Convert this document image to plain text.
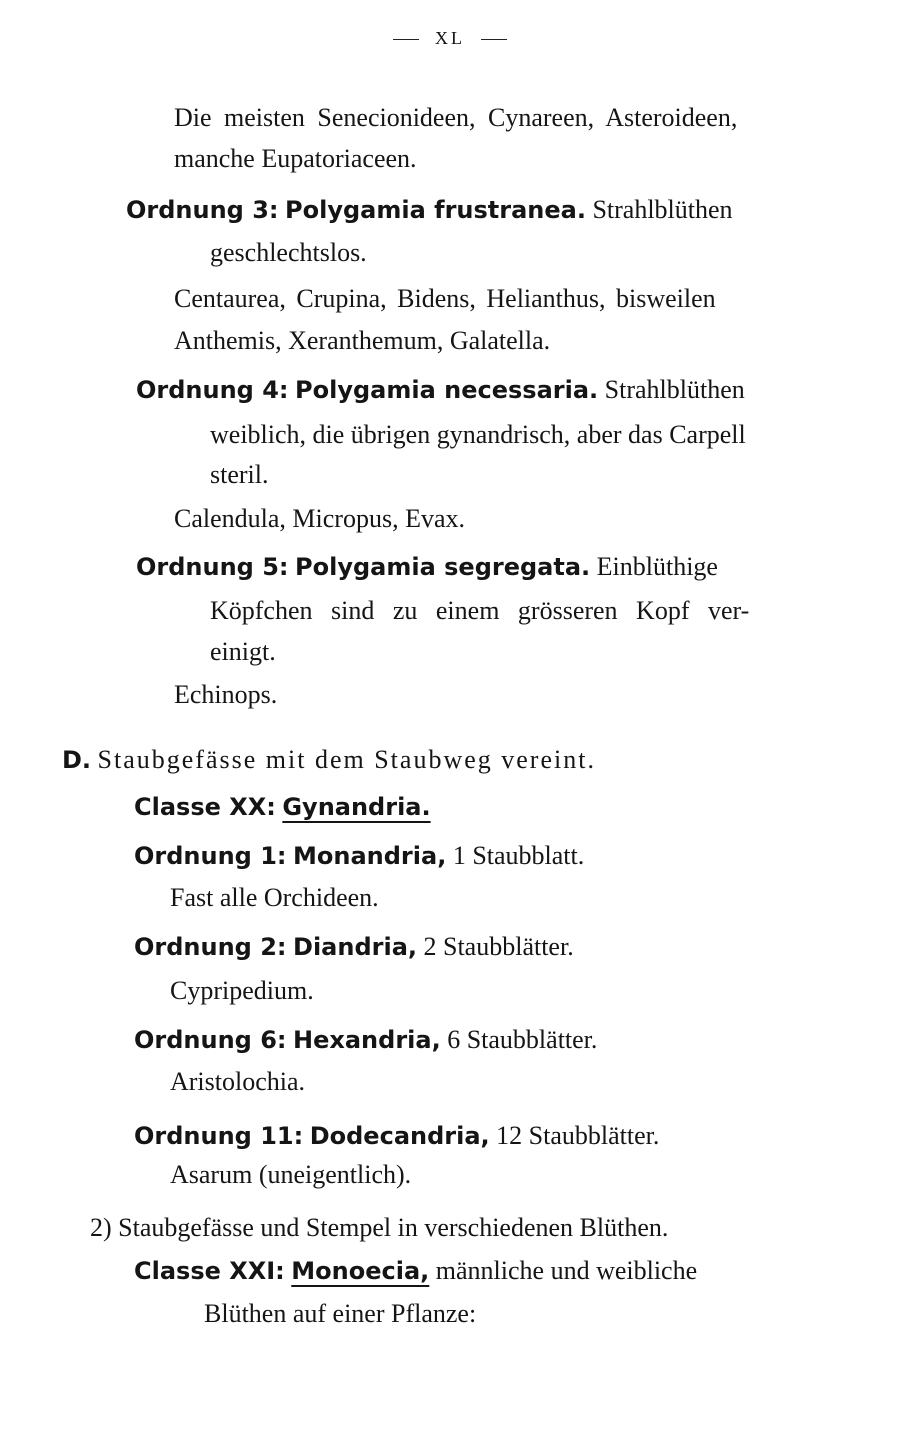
XL
Die meisten Senecionideen, Cynareen, Asteroideen,
manche Eupatoriaceen.
Ordnung 3: Polygamia frustranea. Strahlblüthen
geschlechtslos.
Centaurea, Crupina, Bidens, Helianthus, bisweilen
Anthemis, Xeranthemum, Galatella.
Ordnung 4: Polygamia necessaria. Strahlblüthen
weiblich, die übrigen gynandrisch, aber das Carpell
steril.
Calendula, Micropus, Evax.
Ordnung 5: Polygamia segregata. Einblüthige
Köpfchen sind zu einem grösseren Kopf ver-
einigt.
Echinops.
D. Staubgefässe mit dem Staubweg vereint.
Classe XX: Gynandria.
Ordnung 1: Monandria, 1 Staubblatt.
Fast alle Orchideen.
Ordnung 2: Diandria, 2 Staubblätter.
Cypripedium.
Ordnung 6: Hexandria, 6 Staubblätter.
Aristolochia.
Ordnung 11: Dodecandria, 12 Staubblätter.
Asarum (uneigentlich).
2) Staubgefässe und Stempel in verschiedenen Blüthen.
Classe XXI: Monoecia, männliche und weibliche
Blüthen auf einer Pflanze:
